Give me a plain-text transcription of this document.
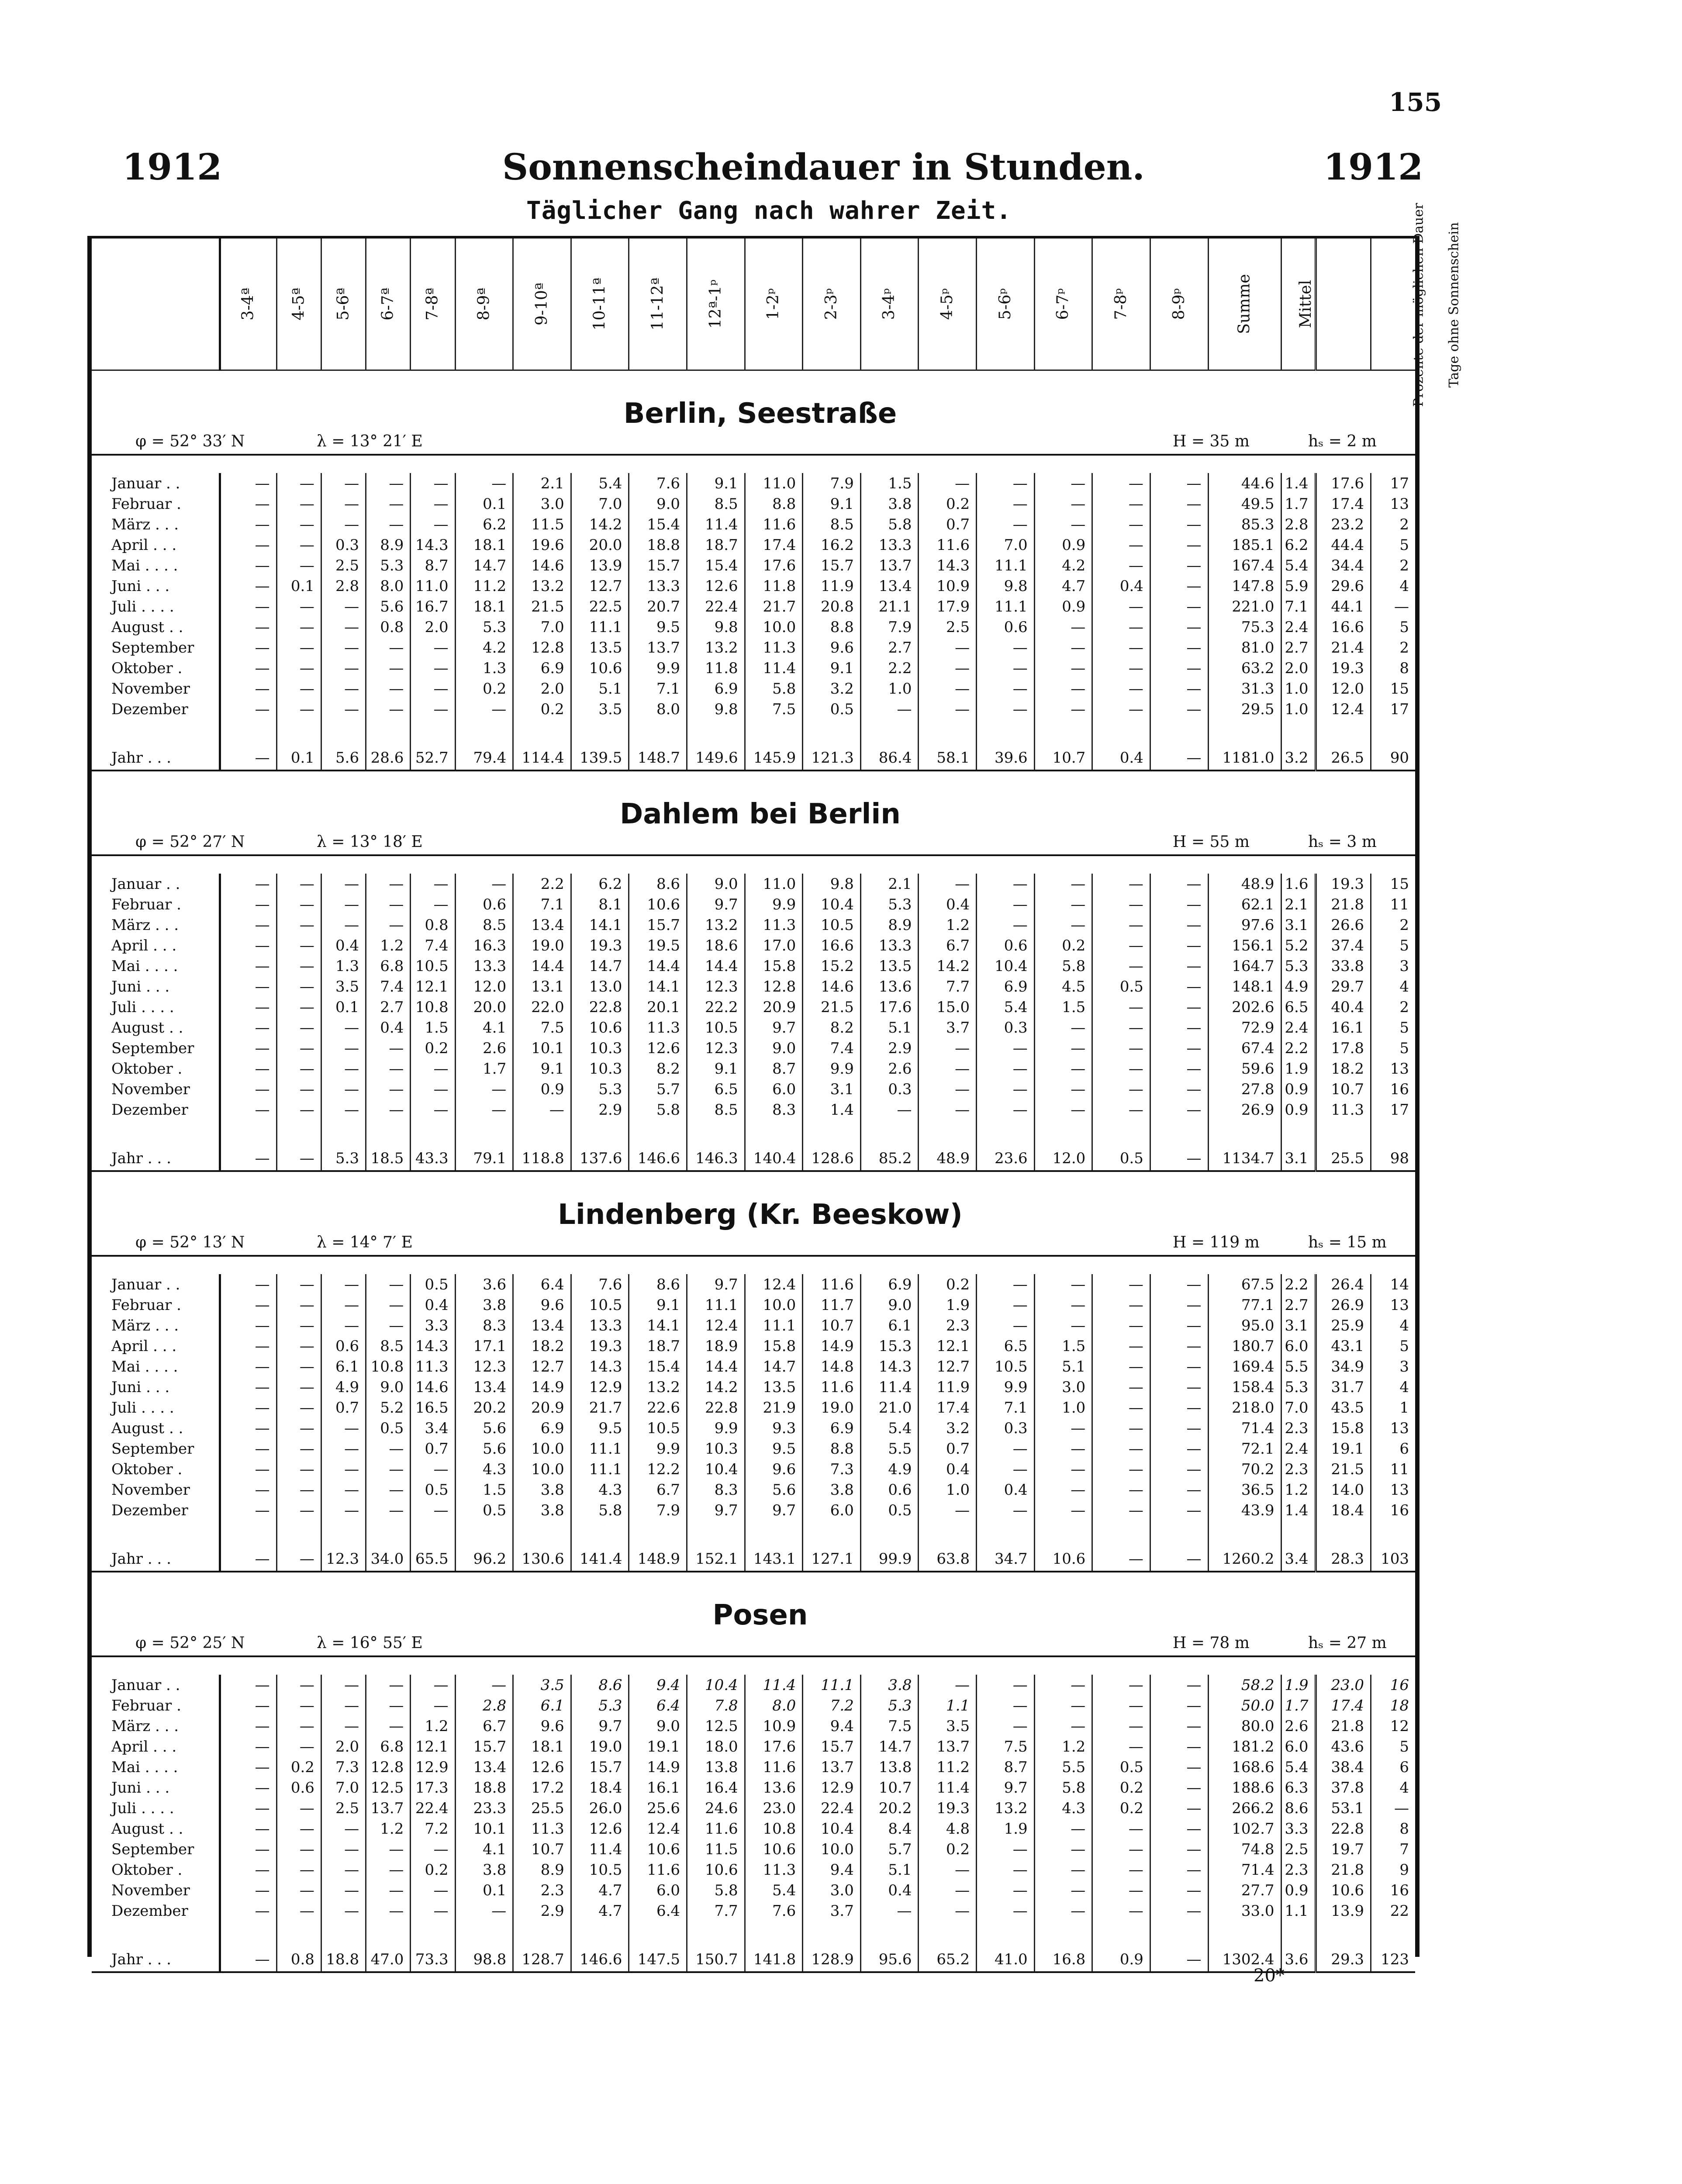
155
1912	Sonnenscheindauer in Stunden.	1912
Täglicher Gang nach wahrer Zeit.
	3-4ª	4-5ª	5-6ª	6-7ª	7-8ª	8-9ª	9-10ª	10-11ª	11-12ª	12ª-1ᵖ	1-2ᵖ	2-3ᵖ	3-4ᵖ	4-5ᵖ	5-6ᵖ	6-7ᵖ	7-8ᵖ	8-9ᵖ	Summe	Mittel	Prozente der möglichen Dauer	Tage ohne Sonnenschein

Berlin, Seestraße																						

φ = 52° 33′ N λ = 13° 21′ E H = 35 m hₛ = 2 m																						

Januar . .	—	—	—	—	—	—	2.1	5.4	7.6	9.1	11.0	7.9	1.5	—	—	—	—	—	44.6	1.4	17.6	17
Februar .	—	—	—	—	—	0.1	3.0	7.0	9.0	8.5	8.8	9.1	3.8	0.2	—	—	—	—	49.5	1.7	17.4	13
März . . .	—	—	—	—	—	6.2	11.5	14.2	15.4	11.4	11.6	8.5	5.8	0.7	—	—	—	—	85.3	2.8	23.2	2
April . . .	—	—	0.3	8.9	14.3	18.1	19.6	20.0	18.8	18.7	17.4	16.2	13.3	11.6	7.0	0.9	—	—	185.1	6.2	44.4	5
Mai . . . .	—	—	2.5	5.3	8.7	14.7	14.6	13.9	15.7	15.4	17.6	15.7	13.7	14.3	11.1	4.2	—	—	167.4	5.4	34.4	2
Juni . . .	—	0.1	2.8	8.0	11.0	11.2	13.2	12.7	13.3	12.6	11.8	11.9	13.4	10.9	9.8	4.7	0.4	—	147.8	5.9	29.6	4
Juli . . . .	—	—	—	5.6	16.7	18.1	21.5	22.5	20.7	22.4	21.7	20.8	21.1	17.9	11.1	0.9	—	—	221.0	7.1	44.1	—
August . .	—	—	—	0.8	2.0	5.3	7.0	11.1	9.5	9.8	10.0	8.8	7.9	2.5	0.6	—	—	—	75.3	2.4	16.6	5
September	—	—	—	—	—	4.2	12.8	13.5	13.7	13.2	11.3	9.6	2.7	—	—	—	—	—	81.0	2.7	21.4	2
Oktober .	—	—	—	—	—	1.3	6.9	10.6	9.9	11.8	11.4	9.1	2.2	—	—	—	—	—	63.2	2.0	19.3	8
November	—	—	—	—	—	0.2	2.0	5.1	7.1	6.9	5.8	3.2	1.0	—	—	—	—	—	31.3	1.0	12.0	15
Dezember	—	—	—	—	—	—	0.2	3.5	8.0	9.8	7.5	0.5	—	—	—	—	—	—	29.5	1.0	12.4	17

Jahr . . .	—	0.1	5.6	28.6	52.7	79.4	114.4	139.5	148.7	149.6	145.9	121.3	86.4	58.1	39.6	10.7	0.4	—	1181.0	3.2	26.5	90

Dahlem bei Berlin																						

φ = 52° 27′ N λ = 13° 18′ E H = 55 m hₛ = 3 m																						

Januar . .	—	—	—	—	—	—	2.2	6.2	8.6	9.0	11.0	9.8	2.1	—	—	—	—	—	48.9	1.6	19.3	15
Februar .	—	—	—	—	—	0.6	7.1	8.1	10.6	9.7	9.9	10.4	5.3	0.4	—	—	—	—	62.1	2.1	21.8	11
März . . .	—	—	—	—	0.8	8.5	13.4	14.1	15.7	13.2	11.3	10.5	8.9	1.2	—	—	—	—	97.6	3.1	26.6	2
April . . .	—	—	0.4	1.2	7.4	16.3	19.0	19.3	19.5	18.6	17.0	16.6	13.3	6.7	0.6	0.2	—	—	156.1	5.2	37.4	5
Mai . . . .	—	—	1.3	6.8	10.5	13.3	14.4	14.7	14.4	14.4	15.8	15.2	13.5	14.2	10.4	5.8	—	—	164.7	5.3	33.8	3
Juni . . .	—	—	3.5	7.4	12.1	12.0	13.1	13.0	14.1	12.3	12.8	14.6	13.6	7.7	6.9	4.5	0.5	—	148.1	4.9	29.7	4
Juli . . . .	—	—	0.1	2.7	10.8	20.0	22.0	22.8	20.1	22.2	20.9	21.5	17.6	15.0	5.4	1.5	—	—	202.6	6.5	40.4	2
August . .	—	—	—	0.4	1.5	4.1	7.5	10.6	11.3	10.5	9.7	8.2	5.1	3.7	0.3	—	—	—	72.9	2.4	16.1	5
September	—	—	—	—	0.2	2.6	10.1	10.3	12.6	12.3	9.0	7.4	2.9	—	—	—	—	—	67.4	2.2	17.8	5
Oktober .	—	—	—	—	—	1.7	9.1	10.3	8.2	9.1	8.7	9.9	2.6	—	—	—	—	—	59.6	1.9	18.2	13
November	—	—	—	—	—	—	0.9	5.3	5.7	6.5	6.0	3.1	0.3	—	—	—	—	—	27.8	0.9	10.7	16
Dezember	—	—	—	—	—	—	—	2.9	5.8	8.5	8.3	1.4	—	—	—	—	—	—	26.9	0.9	11.3	17

Jahr . . .	—	—	5.3	18.5	43.3	79.1	118.8	137.6	146.6	146.3	140.4	128.6	85.2	48.9	23.6	12.0	0.5	—	1134.7	3.1	25.5	98

Lindenberg (Kr. Beeskow)																						

φ = 52° 13′ N λ = 14° 7′ E H = 119 m hₛ = 15 m																						

Januar . .	—	—	—	—	0.5	3.6	6.4	7.6	8.6	9.7	12.4	11.6	6.9	0.2	—	—	—	—	67.5	2.2	26.4	14
Februar .	—	—	—	—	0.4	3.8	9.6	10.5	9.1	11.1	10.0	11.7	9.0	1.9	—	—	—	—	77.1	2.7	26.9	13
März . . .	—	—	—	—	3.3	8.3	13.4	13.3	14.1	12.4	11.1	10.7	6.1	2.3	—	—	—	—	95.0	3.1	25.9	4
April . . .	—	—	0.6	8.5	14.3	17.1	18.2	19.3	18.7	18.9	15.8	14.9	15.3	12.1	6.5	1.5	—	—	180.7	6.0	43.1	5
Mai . . . .	—	—	6.1	10.8	11.3	12.3	12.7	14.3	15.4	14.4	14.7	14.8	14.3	12.7	10.5	5.1	—	—	169.4	5.5	34.9	3
Juni . . .	—	—	4.9	9.0	14.6	13.4	14.9	12.9	13.2	14.2	13.5	11.6	11.4	11.9	9.9	3.0	—	—	158.4	5.3	31.7	4
Juli . . . .	—	—	0.7	5.2	16.5	20.2	20.9	21.7	22.6	22.8	21.9	19.0	21.0	17.4	7.1	1.0	—	—	218.0	7.0	43.5	1
August . .	—	—	—	0.5	3.4	5.6	6.9	9.5	10.5	9.9	9.3	6.9	5.4	3.2	0.3	—	—	—	71.4	2.3	15.8	13
September	—	—	—	—	0.7	5.6	10.0	11.1	9.9	10.3	9.5	8.8	5.5	0.7	—	—	—	—	72.1	2.4	19.1	6
Oktober .	—	—	—	—	—	4.3	10.0	11.1	12.2	10.4	9.6	7.3	4.9	0.4	—	—	—	—	70.2	2.3	21.5	11
November	—	—	—	—	0.5	1.5	3.8	4.3	6.7	8.3	5.6	3.8	0.6	1.0	0.4	—	—	—	36.5	1.2	14.0	13
Dezember	—	—	—	—	—	0.5	3.8	5.8	7.9	9.7	9.7	6.0	0.5	—	—	—	—	—	43.9	1.4	18.4	16

Jahr . . .	—	—	12.3	34.0	65.5	96.2	130.6	141.4	148.9	152.1	143.1	127.1	99.9	63.8	34.7	10.6	—	—	1260.2	3.4	28.3	103

Posen																						

φ = 52° 25′ N λ = 16° 55′ E H = 78 m hₛ = 27 m																						

Januar . .	—	—	—	—	—	—	3.5	8.6	9.4	10.4	11.4	11.1	3.8	—	—	—	—	—	58.2	1.9	23.0	16
Februar .	—	—	—	—	—	2.8	6.1	5.3	6.4	7.8	8.0	7.2	5.3	1.1	—	—	—	—	50.0	1.7	17.4	18
März . . .	—	—	—	—	1.2	6.7	9.6	9.7	9.0	12.5	10.9	9.4	7.5	3.5	—	—	—	—	80.0	2.6	21.8	12
April . . .	—	—	2.0	6.8	12.1	15.7	18.1	19.0	19.1	18.0	17.6	15.7	14.7	13.7	7.5	1.2	—	—	181.2	6.0	43.6	5
Mai . . . .	—	0.2	7.3	12.8	12.9	13.4	12.6	15.7	14.9	13.8	11.6	13.7	13.8	11.2	8.7	5.5	0.5	—	168.6	5.4	38.4	6
Juni . . .	—	0.6	7.0	12.5	17.3	18.8	17.2	18.4	16.1	16.4	13.6	12.9	10.7	11.4	9.7	5.8	0.2	—	188.6	6.3	37.8	4
Juli . . . .	—	—	2.5	13.7	22.4	23.3	25.5	26.0	25.6	24.6	23.0	22.4	20.2	19.3	13.2	4.3	0.2	—	266.2	8.6	53.1	—
August . .	—	—	—	1.2	7.2	10.1	11.3	12.6	12.4	11.6	10.8	10.4	8.4	4.8	1.9	—	—	—	102.7	3.3	22.8	8
September	—	—	—	—	—	4.1	10.7	11.4	10.6	11.5	10.6	10.0	5.7	0.2	—	—	—	—	74.8	2.5	19.7	7
Oktober .	—	—	—	—	0.2	3.8	8.9	10.5	11.6	10.6	11.3	9.4	5.1	—	—	—	—	—	71.4	2.3	21.8	9
November	—	—	—	—	—	0.1	2.3	4.7	6.0	5.8	5.4	3.0	0.4	—	—	—	—	—	27.7	0.9	10.6	16
Dezember	—	—	—	—	—	—	2.9	4.7	6.4	7.7	7.6	3.7	—	—	—	—	—	—	33.0	1.1	13.9	22

Jahr . . .	—	0.8	18.8	47.0	73.3	98.8	128.7	146.6	147.5	150.7	141.8	128.9	95.6	65.2	41.0	16.8	0.9	—	1302.4	3.6	29.3	123
20*
